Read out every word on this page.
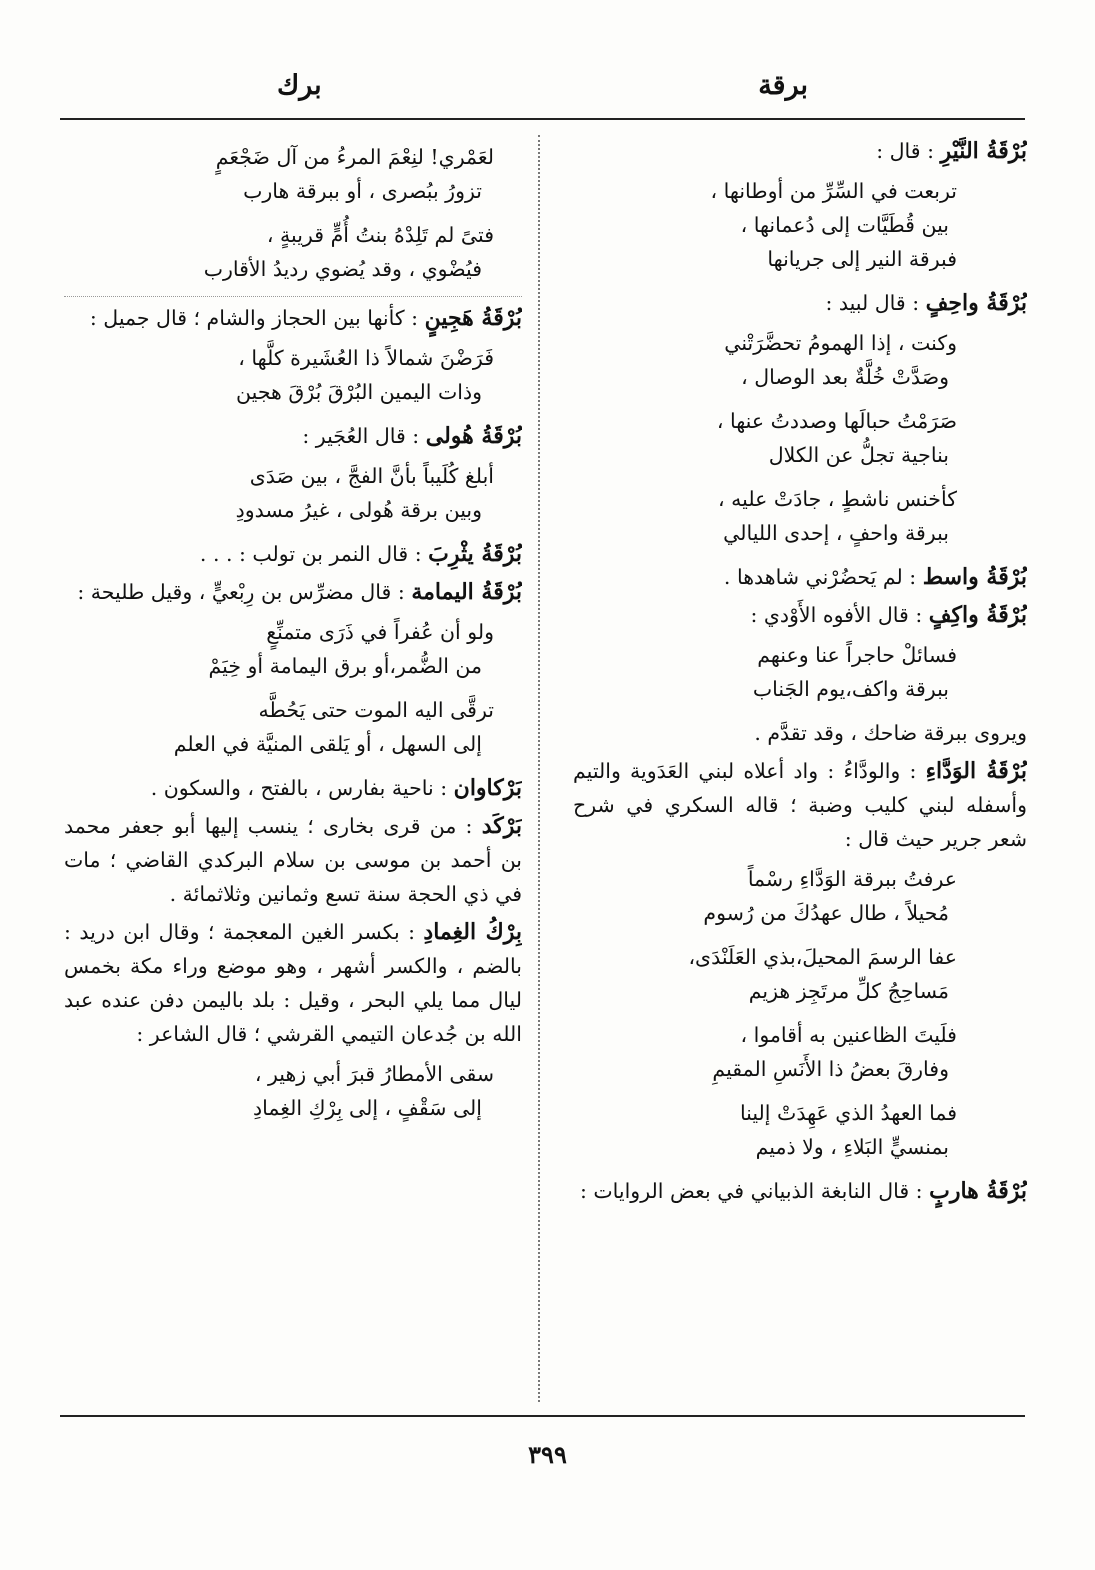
برقة
برك

بُرْقَةُ النَّيْرِ : قال :

تربعت في السِّرِّ من أوطانها ،
بين قُطَيَّات إلى دُعمانها ،
فبرقة النير إلى جريانها

بُرْقَةُ واحِفٍ : قال لبيد :

وكنت ، إذا الهمومُ تحضَّرَتْني
وصَدَّتْ خُلَّةٌ بعد الوصال ،
صَرَمْتُ حبالَها وصددتُ عنها ،
بناجية تجلُّ عن الكلال
كأخنس ناشطٍ ، جادَتْ عليه ،
ببرقة واحفٍ ، إحدى الليالي

بُرْقَةُ واسط : لم يَحضُرْني شاهدها .

بُرْقَةُ واكِفٍ : قال الأفوه الأَوْدي :

فسائلْ حاجراً عنا وعنهم
ببرقة واكف،يوم الجَناب

ويروى ببرقة ضاحك ، وقد تقدَّم .

بُرْقَةُ الوَدَّاءِ : والودَّاءُ : واد أعلاه لبني العَدَوية والتيم وأسفله لبني كليب وضبة ؛ قاله السكري في شرح شعر جرير حيث قال :

عرفتُ ببرقة الوَدَّاءِ رسْماً
مُحيلاً ، طال عهدُكَ من رُسوم
عفا الرسمَ المحيلَ،بذي العَلَنْدَى،
مَساحِجُ كلِّ مرتَجِز هزيم
فلَيتَ الظاعنين به أقاموا ،
وفارقَ بعضُ ذا الأَنَسِ المقيمِ
فما العهدُ الذي عَهِدَتْ إلينا
بمنسيٍّ البَلاءِ ، ولا ذميم

بُرْقَةُ هاربٍ : قال النابغة الذبياني في بعض الروايات :

لعَمْري! لنِعْمَ المرءُ من آل ضَجْعَمٍ
تزورُ ببُصرى ، أو ببرقة هارب
فتىً لم تَلِدْهُ بنتُ أُمٍّ قريبةٍ ،
فيُضْوي ، وقد يُضوي رديدُ الأقارب

بُرْقَةُ هَجِينٍ : كأنها بين الحجاز والشام ؛ قال جميل :

فَرَضْنَ شمالاً ذا العُشَيرة كلَّها ،
وذات اليمين البُرْقَ بُرْقَ هجين

بُرْقَةُ هُولى : قال العُجَير :

أبلغ كُلَيباً بأنَّ الفجَّ ، بين صَدَى
وبين برقة هُولى ، غيرُ مسدودِ

بُرْقَةُ يثْرِبَ : قال النمر بن تولب : . . .

بُرْقَةُ اليمامة : قال مضرِّس بن رِبْعيٍّ ، وقيل طليحة :

ولو أن عُفراً في ذَرَى متمنِّعٍ
من الضُّمر،أو برق اليمامة أو خِيَمْ
ترقَّى اليه الموت حتى يَحُطَّه
إلى السهل ، أو يَلقى المنيَّة في العلم

بَرْكاوان : ناحية بفارس ، بالفتح ، والسكون .

بَرْكَد : من قرى بخارى ؛ ينسب إليها أبو جعفر محمد بن أحمد بن موسى بن سلام البركدي القاضي ؛ مات في ذي الحجة سنة تسع وثمانين وثلاثمائة .

بِرْكُ الغِمادِ : بكسر الغين المعجمة ؛ وقال ابن دريد : بالضم ، والكسر أشهر ، وهو موضع وراء مكة بخمس ليال مما يلي البحر ، وقيل : بلد باليمن دفن عنده عبد الله بن جُدعان التيمي القرشي ؛ قال الشاعر :

سقى الأمطارُ قبرَ أبي زهير ،
إلى سَقْفٍ ، إلى بِرْكِ الغِمادِ
٣٩٩
